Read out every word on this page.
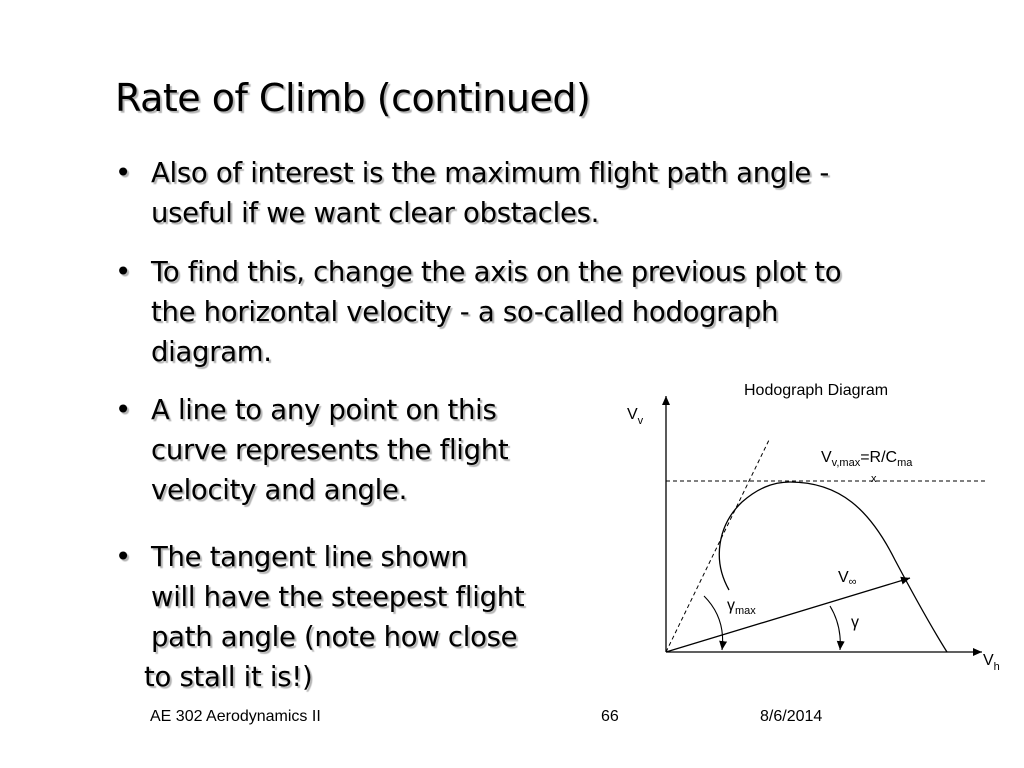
Rate of Climb (continued)
• Also of interest is the maximum flight path angle -
useful if we want clear obstacles.
• To find this, change the axis on the previous plot to
the horizontal velocity - a so-called hodograph
diagram.
• A line to any point on this
curve represents the flight
velocity and angle.
• The tangent line shown
will have the steepest flight
path angle (note how close
to stall it is!)
Hodograph Diagram
$V_v$
$V_h$
$V_{v,max}=R/C_{ma}$
x
V∞
$\gamma_{max}$
γ
AE 302 Aerodynamics II	66	8/6/2014
